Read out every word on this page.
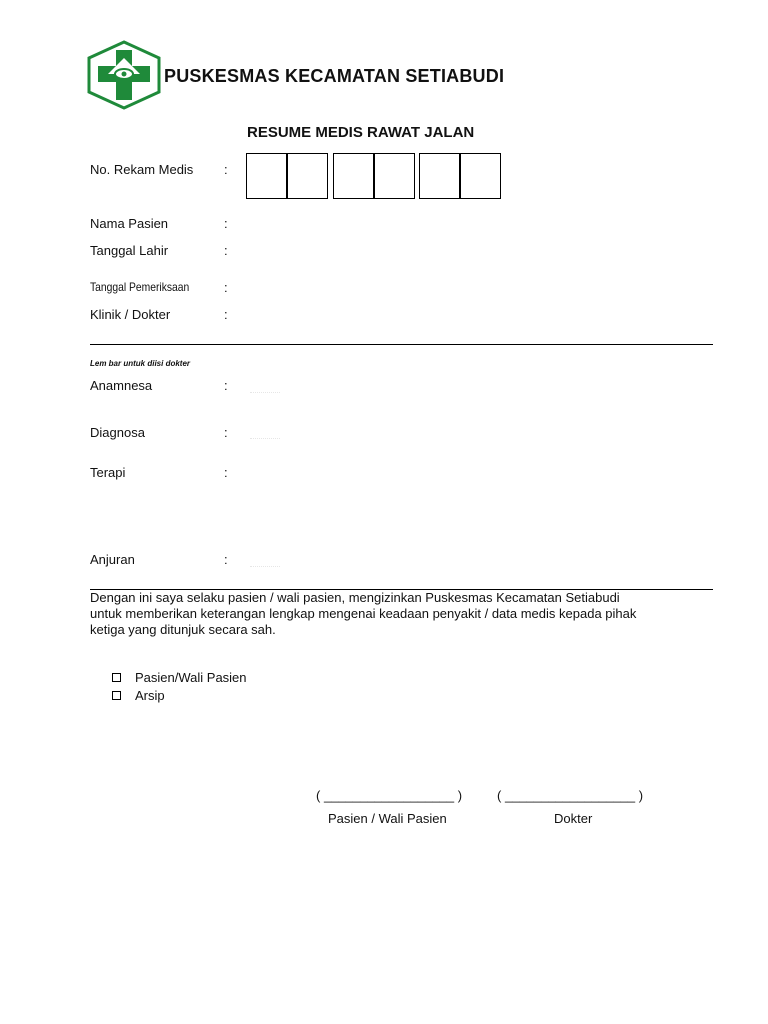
PUSKESMAS KECAMATAN SETIABUDI
RESUME MEDIS RAWAT JALAN
No. Rekam Medis :
Nama Pasien	:
Tanggal Lahir	:
Tanggal Pemeriksaan	:
Klinik / Dokter	:
Lem bar untuk diisi dokter
Anamnesa	:
Diagnosa	:
Terapi	:
Anjuran	:
Dengan ini saya selaku pasien / wali pasien, mengizinkan Puskesmas Kecamatan Setiabudi
untuk memberikan keterangan lengkap mengenai keadaan penyakit / data medis kepada pihak
ketiga yang ditunjuk secara sah.
Pasien/Wali Pasien
Arsip
( __________________ )	( __________________ )
Pasien / Wali Pasien	Dokter
